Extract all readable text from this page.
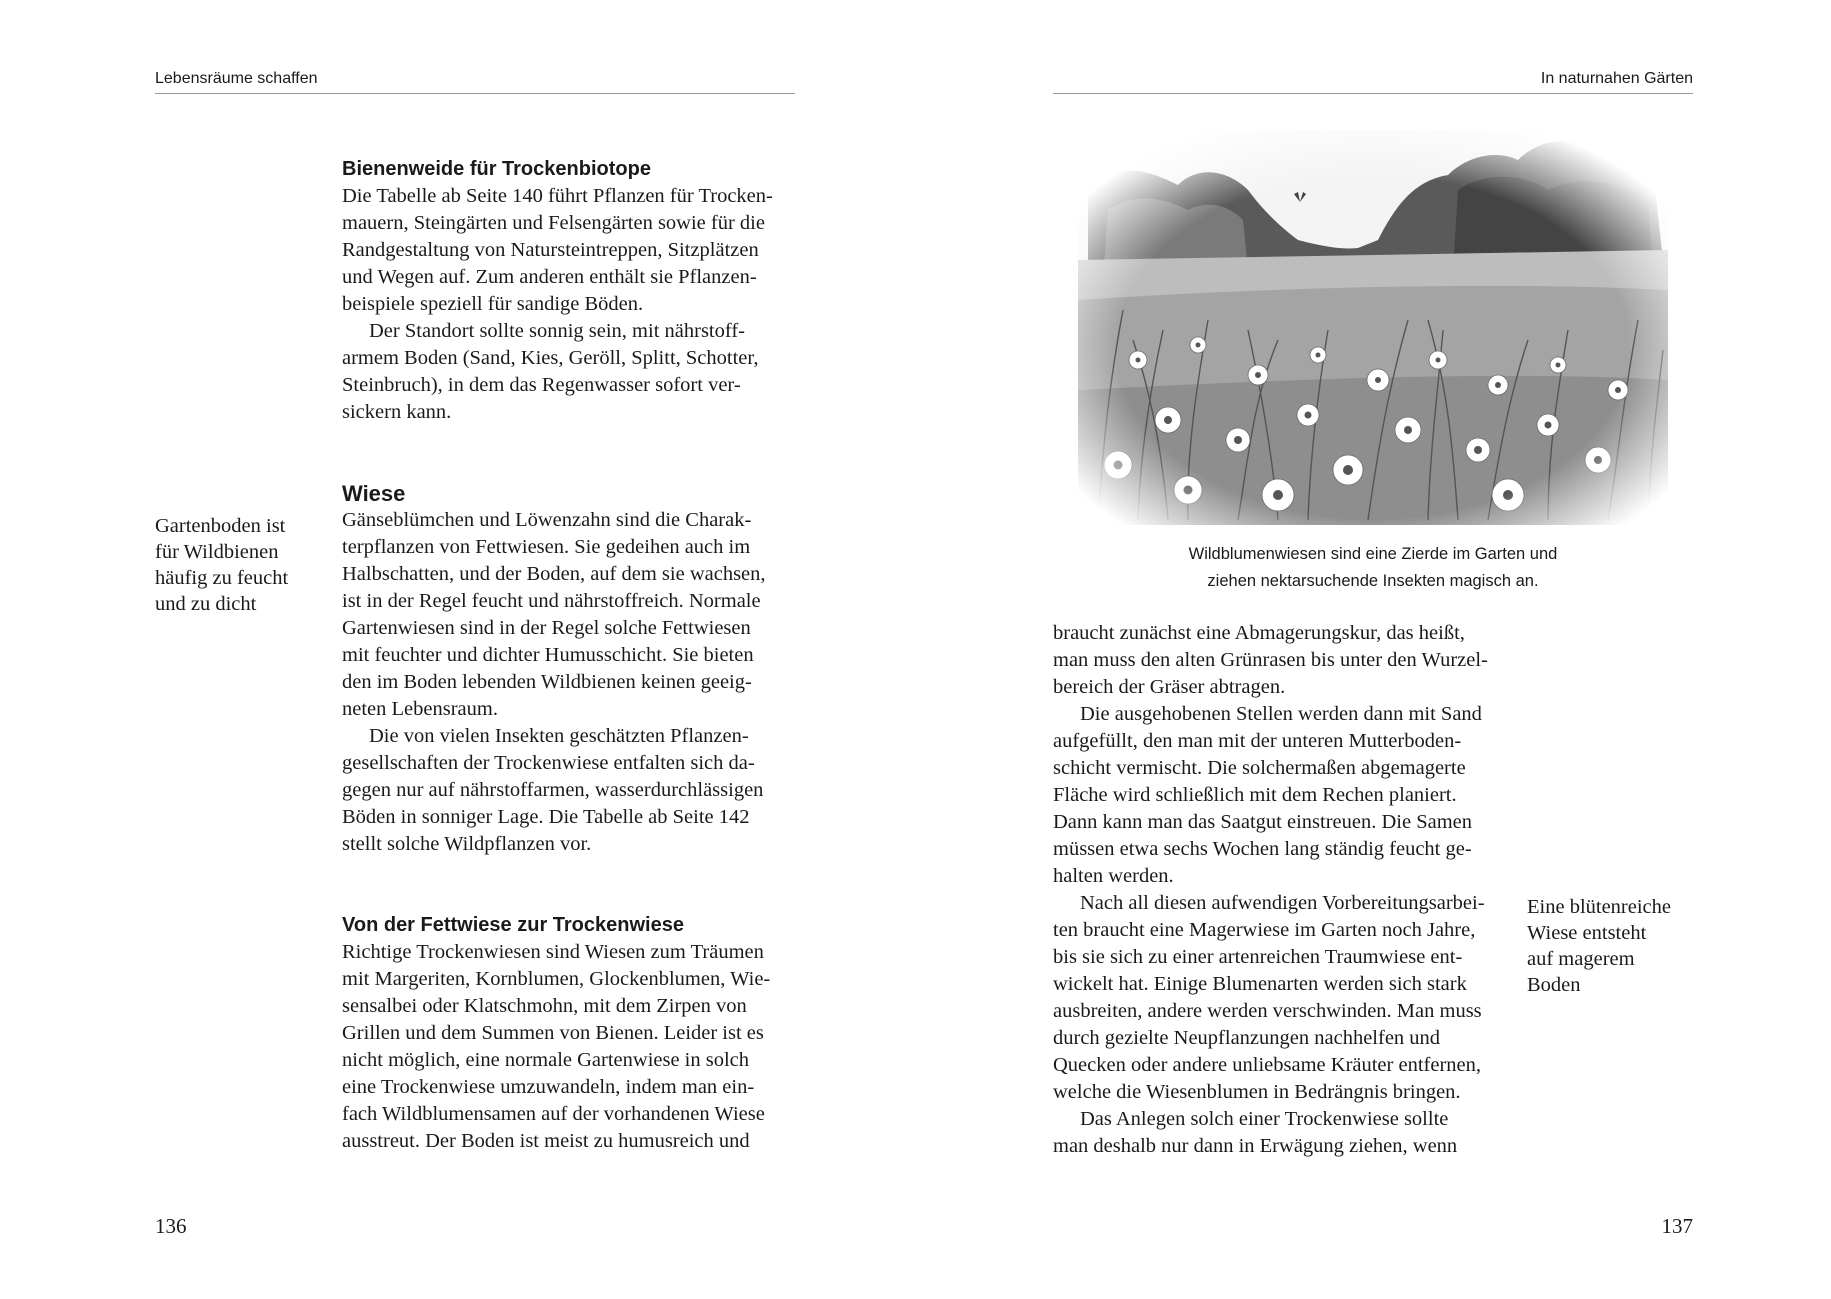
Lebensräume schaffen
Gartenboden ist
für Wildbienen
häufig zu feucht
und zu dicht
Bienenweide für Trockenbiotope
Die Tabelle ab Seite 140 führt Pflanzen für Trocken-
mauern, Steingärten und Felsengärten sowie für die
Randgestaltung von Natursteintreppen, Sitzplätzen
und Wegen auf. Zum anderen enthält sie Pflanzen-
beispiele speziell für sandige Böden.
Der Standort sollte sonnig sein, mit nährstoff-
armem Boden (Sand, Kies, Geröll, Splitt, Schotter,
Steinbruch), in dem das Regenwasser sofort ver-
sickern kann.
Wiese
Gänseblümchen und Löwenzahn sind die Charak-
terpflanzen von Fettwiesen. Sie gedeihen auch im
Halbschatten, und der Boden, auf dem sie wachsen,
ist in der Regel feucht und nährstoffreich. Normale
Gartenwiesen sind in der Regel solche Fettwiesen
mit feuchter und dichter Humusschicht. Sie bieten
den im Boden lebenden Wildbienen keinen geeig-
neten Lebensraum.
Die von vielen Insekten geschätzten Pflanzen-
gesellschaften der Trockenwiese entfalten sich da-
gegen nur auf nährstoffarmen, wasserdurchlässigen
Böden in sonniger Lage. Die Tabelle ab Seite 142
stellt solche Wildpflanzen vor.
Von der Fettwiese zur Trockenwiese
Richtige Trockenwiesen sind Wiesen zum Träumen
mit Margeriten, Kornblumen, Glockenblumen, Wie-
sensalbei oder Klatschmohn, mit dem Zirpen von
Grillen und dem Summen von Bienen. Leider ist es
nicht möglich, eine normale Gartenwiese in solch
eine Trockenwiese umzuwandeln, indem man ein-
fach Wildblumensamen auf der vorhandenen Wiese
ausstreut. Der Boden ist meist zu humusreich und
136
In naturnahen Gärten
Wildblumenwiesen sind eine Zierde im Garten und
ziehen nektarsuchende Insekten magisch an.
braucht zunächst eine Abmagerungskur, das heißt,
man muss den alten Grünrasen bis unter den Wurzel-
bereich der Gräser abtragen.
Die ausgehobenen Stellen werden dann mit Sand
aufgefüllt, den man mit der unteren Mutterboden-
schicht vermischt. Die solchermaßen abgemagerte
Fläche wird schließlich mit dem Rechen planiert.
Dann kann man das Saatgut einstreuen. Die Samen
müssen etwa sechs Wochen lang ständig feucht ge-
halten werden.
Nach all diesen aufwendigen Vorbereitungsarbei-
ten braucht eine Magerwiese im Garten noch Jahre,
bis sie sich zu einer artenreichen Traumwiese ent-
wickelt hat. Einige Blumenarten werden sich stark
ausbreiten, andere werden verschwinden. Man muss
durch gezielte Neupflanzungen nachhelfen und
Quecken oder andere unliebsame Kräuter entfernen,
welche die Wiesenblumen in Bedrängnis bringen.
Das Anlegen solch einer Trockenwiese sollte
man deshalb nur dann in Erwägung ziehen, wenn
Eine blütenreiche
Wiese entsteht
auf magerem
Boden
137
